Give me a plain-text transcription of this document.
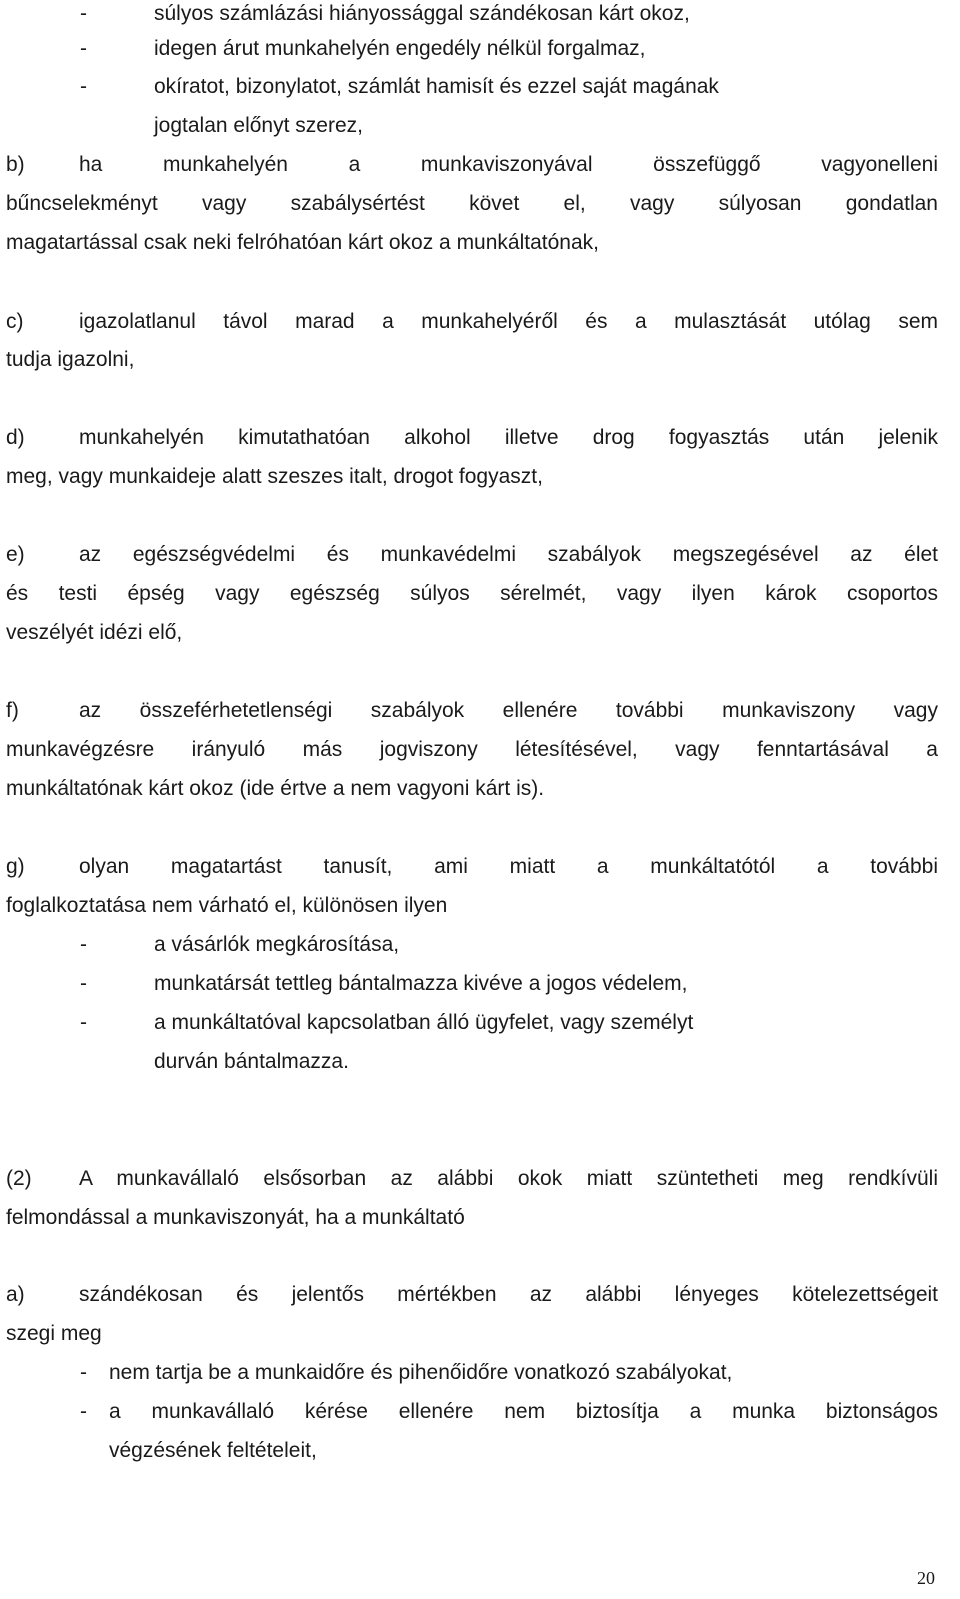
-	súlyos számlázási hiányossággal szándékosan kárt okoz,
-	idegen árut munkahelyén engedély nélkül forgalmaz,
-	okíratot, bizonylatot, számlát hamisít és ezzel saját magának
jogtalan előnyt szerez,
b)	ha munkahelyén a munkaviszonyával összefüggő vagyonelleni
bűncselekményt vagy szabálysértést követ el, vagy súlyosan gondatlan
magatartással csak neki felróhatóan kárt okoz a munkáltatónak,
c)	igazolatlanul távol marad a munkahelyéről és a mulasztását utólag sem
tudja igazolni,
d)	munkahelyén kimutathatóan alkohol illetve drog fogyasztás után jelenik
meg, vagy munkaideje alatt szeszes italt, drogot fogyaszt,
e)	az egészségvédelmi és munkavédelmi szabályok megszegésével az élet
és testi épség vagy egészség súlyos sérelmét, vagy ilyen károk csoportos
veszélyét idézi elő,
f)	az összeférhetetlenségi szabályok ellenére további munkaviszony vagy
munkavégzésre irányuló más jogviszony létesítésével, vagy fenntartásával a
munkáltatónak kárt okoz (ide értve a nem vagyoni kárt is).
g)	olyan magatartást tanusít, ami miatt a munkáltatótól a további
foglalkoztatása nem várható el, különösen ilyen
-	a vásárlók megkárosítása,
-	munkatársát tettleg bántalmazza kivéve a jogos védelem,
-	a munkáltatóval kapcsolatban álló ügyfelet, vagy személyt
durván bántalmazza.
(2) A munkavállaló elsősorban az alábbi okok miatt szüntetheti meg rendkívüli
felmondással a munkaviszonyát, ha a munkáltató
a)	szándékosan és jelentős mértékben az alábbi lényeges kötelezettségeit
szegi meg
- nem tartja be a munkaidőre és pihenőidőre vonatkozó szabályokat,
- a munkavállaló kérése ellenére nem biztosítja a munka biztonságos
végzésének feltételeit,
20
